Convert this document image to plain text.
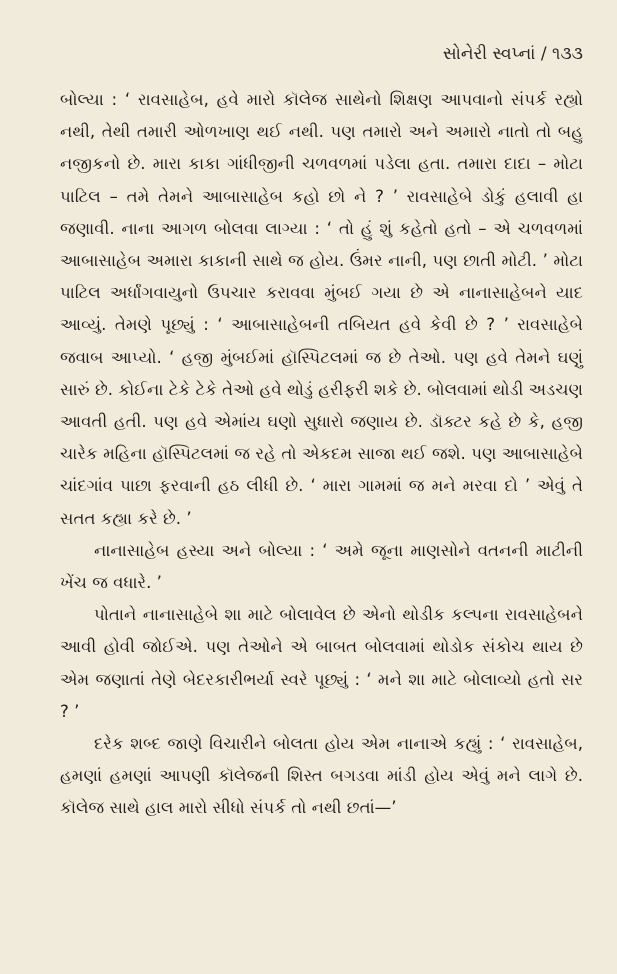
સોનેરી સ્વપ્નાં / ૧૩૩

બોલ્યા : ‘ રાવસાહેબ, હવે મારો કૉલેજ સાથેનો શિક્ષણ આપવાનો સંપર્ક રહ્યો નથી, તેથી તમારી ઓળખાણ થઈ નથી. પણ તમારો અને અમારો નાતો તો બહુ નજીકનો છે. મારા કાકા ગાંધીજીની ચળવળમાં પડેલા હતા. તમારા દાદા – મોટા પાટિલ – તમે તેમને આબાસાહેબ કહો છો ને ? ’ રાવસાહેબે ડોકું હલાવી હા જણાવી. નાના આગળ બોલવા લાગ્યા : ‘ તો હું શું કહેતો હતો – એ ચળવળમાં આબાસાહેબ અમારા કાકાની સાથે જ હોય. ઉંમર નાની, પણ છાતી મોટી. ’ મોટા પાટિલ અર્ધાંગવાયુનો ઉપચાર કરાવવા મુંબઈ ગયા છે એ નાનાસાહેબને યાદ આવ્યું. તેમણે પૂછ્યું : ‘ આબાસાહેબની તબિયત હવે કેવી છે ? ’ રાવસાહેબે જવાબ આપ્યો. ‘ હજી મુંબઈમાં હૉસ્પિટલમાં જ છે તેઓ. પણ હવે તેમને ઘણું સારું છે. કોઈના ટેકે ટેકે તેઓ હવે થોડું હરીફરી શકે છે. બોલવામાં થોડી અડચણ આવતી હતી. પણ હવે એમાંય ઘણો સુધારો જણાય છે. ડૉક્ટર કહે છે કે, હજી ચારેક મહિના હૉસ્પિટલમાં જ રહે તો એકદમ સાજા થઈ જશે. પણ આબાસાહેબે ચાંદગાંવ પાછા ફરવાની હઠ લીધી છે. ‘ મારા ગામમાં જ મને મરવા દો ’ એવું તે સતત કહ્યા કરે છે. ’

નાનાસાહેબ હસ્યા અને બોલ્યા : ‘ અમે જૂના માણસોને વતનની માટીની ખેંચ જ વધારે. ’

પોતાને નાનાસાહેબે શા માટે બોલાવેલ છે એનો થોડીક કલ્પના રાવસાહેબને આવી હોવી જોઈએ. પણ તેઓને એ બાબત બોલવામાં થોડોક સંકોચ થાય છે એમ જણાતાં તેણે બેદરકારીભર્યા સ્વરે પૂછ્યું : ‘ મને શા માટે બોલાવ્યો હતો સર ? ’

દરેક શબ્દ જાણે વિચારીને બોલતા હોય એમ નાનાએ કહ્યું : ‘ રાવસાહેબ, હમણાં હમણાં આપણી કૉલેજની શિસ્ત બગડવા માંડી હોય એવું મને લાગે છે. કૉલેજ સાથે હાલ મારો સીધો સંપર્ક તો નથી છતાં—’
